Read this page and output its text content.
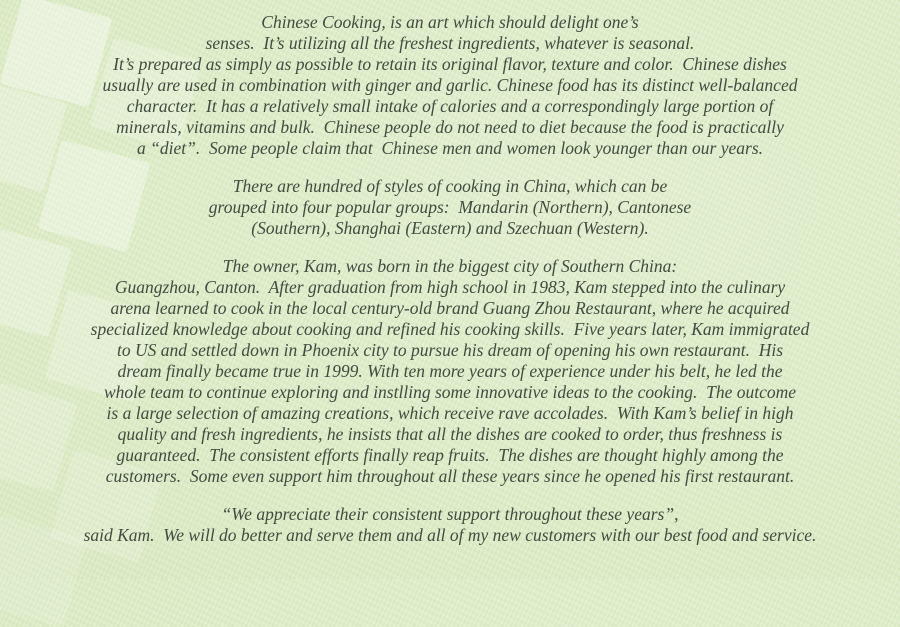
Chinese Cooking, is an art which should delight one’s
senses.  It’s utilizing all the freshest ingredients, whatever is seasonal.
It’s prepared as simply as possible to retain its original flavor, texture and color.  Chinese dishes
usually are used in combination with ginger and garlic. Chinese food has its distinct well-balanced
character.  It has a relatively small intake of calories and a correspondingly large portion of
minerals, vitamins and bulk.  Chinese people do not need to diet because the food is practically
a “diet”.  Some people claim that  Chinese men and women look younger than our years.
There are hundred of styles of cooking in China, which can be
grouped into four popular groups:  Mandarin (Northern), Cantonese
(Southern), Shanghai (Eastern) and Szechuan (Western).
The owner, Kam, was born in the biggest city of Southern China:
Guangzhou, Canton.  After graduation from high school in 1983, Kam stepped into the culinary
arena learned to cook in the local century-old brand Guang Zhou Restaurant, where he acquired
specialized knowledge about cooking and refined his cooking skills.  Five years later, Kam immigrated
to US and settled down in Phoenix city to pursue his dream of opening his own restaurant.  His
dream finally became true in 1999. With ten more years of experience under his belt, he led the
whole team to continue exploring and instlling some innovative ideas to the cooking.  The outcome
is a large selection of amazing creations, which receive rave accolades.  With Kam’s belief in high
quality and fresh ingredients, he insists that all the dishes are cooked to order, thus freshness is
guaranteed.  The consistent efforts finally reap fruits.  The dishes are thought highly among the
customers.  Some even support him throughout all these years since he opened his first restaurant.
“We appreciate their consistent support throughout these years”,
said Kam.  We will do better and serve them and all of my new customers with our best food and service.
